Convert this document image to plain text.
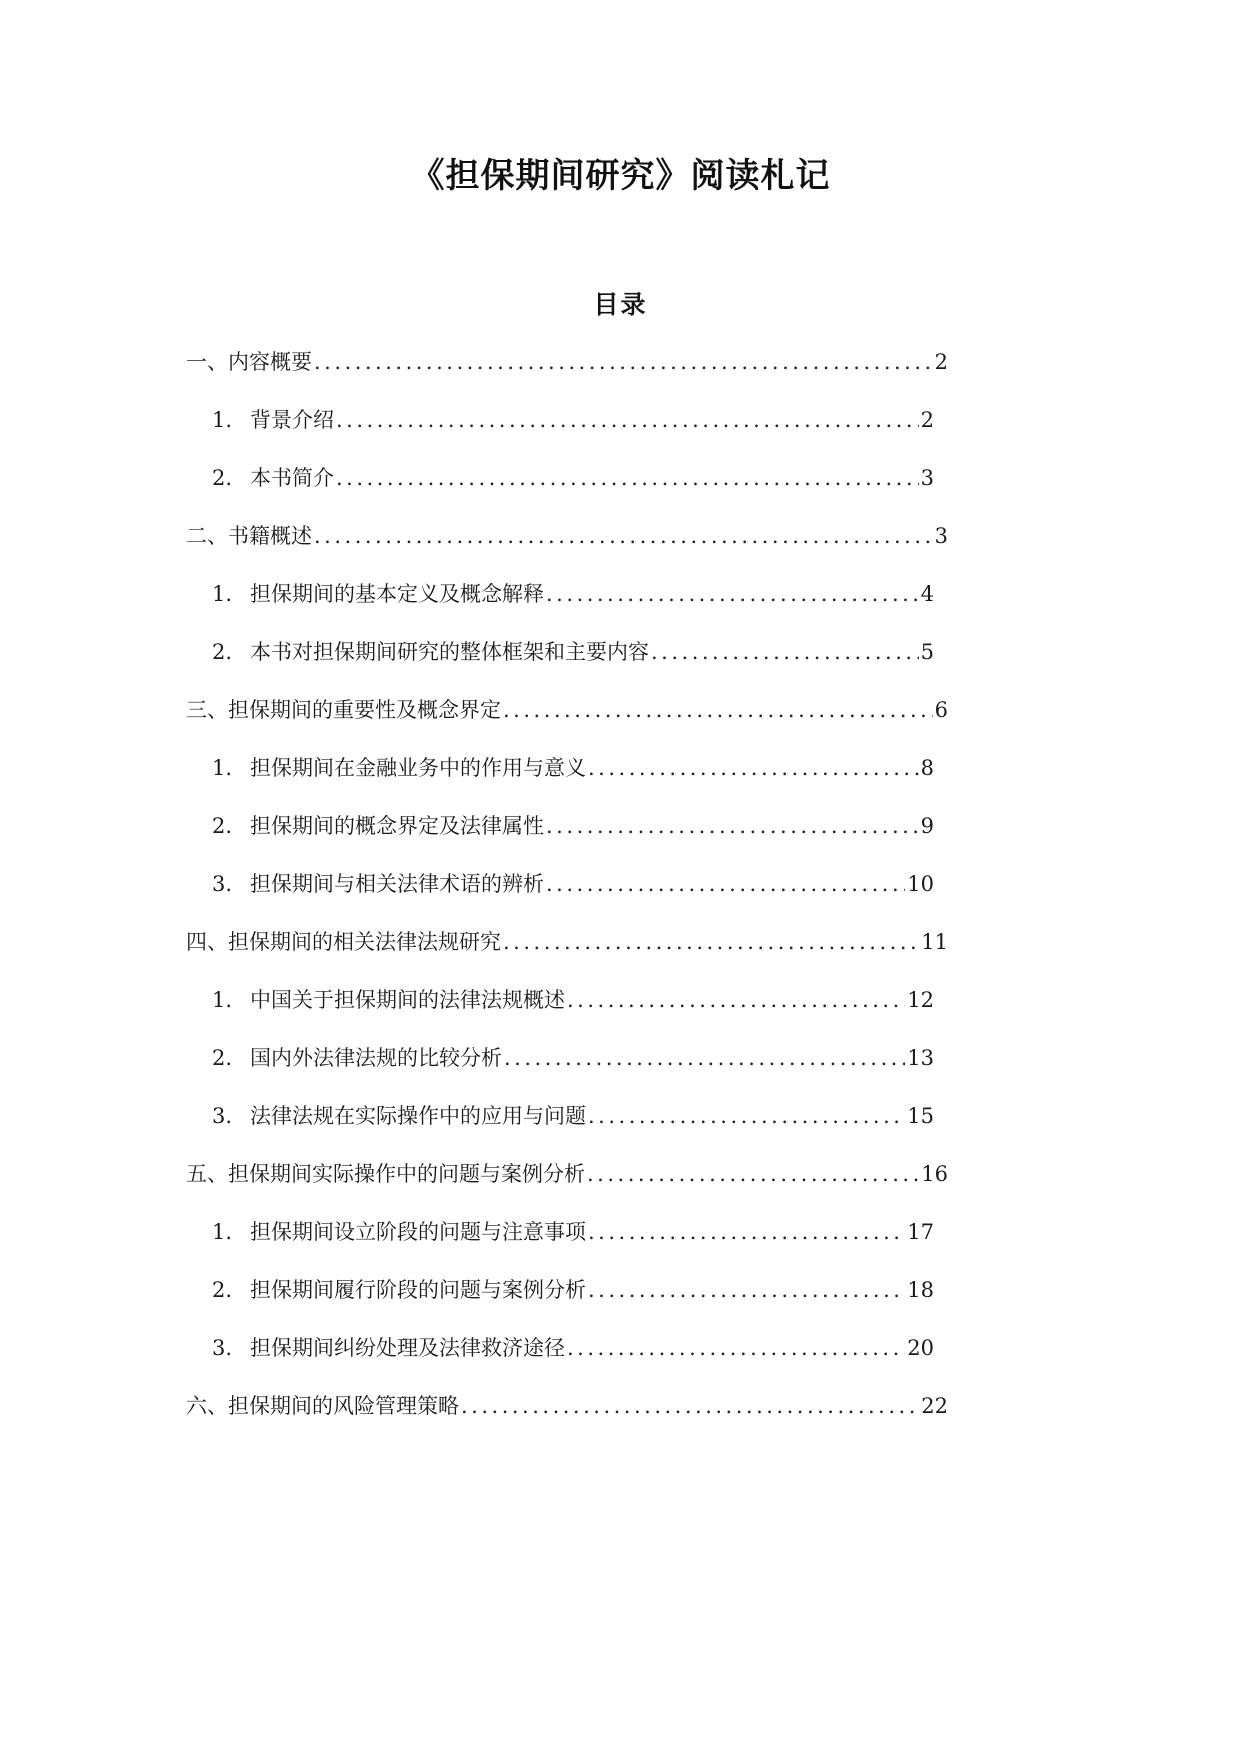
《担保期间研究》阅读札记
目录
一、内容概要 .....	2
1. 背景介绍 .....	2
2. 本书简介 .....	3
二、书籍概述 .....	3
1. 担保期间的基本定义及概念解释 .....	4
2. 本书对担保期间研究的整体框架和主要内容 .....	5
三、担保期间的重要性及概念界定 .....	6
1. 担保期间在金融业务中的作用与意义 .....	8
2. 担保期间的概念界定及法律属性 .....	9
3. 担保期间与相关法律术语的辨析 .....	10
四、担保期间的相关法律法规研究 .....	11
1. 中国关于担保期间的法律法规概述 .....	12
2. 国内外法律法规的比较分析 .....	13
3. 法律法规在实际操作中的应用与问题 .....	15
五、担保期间实际操作中的问题与案例分析 .....	16
1. 担保期间设立阶段的问题与注意事项 .....	17
2. 担保期间履行阶段的问题与案例分析 .....	18
3. 担保期间纠纷处理及法律救济途径 .....	20
六、担保期间的风险管理策略 .....	22
